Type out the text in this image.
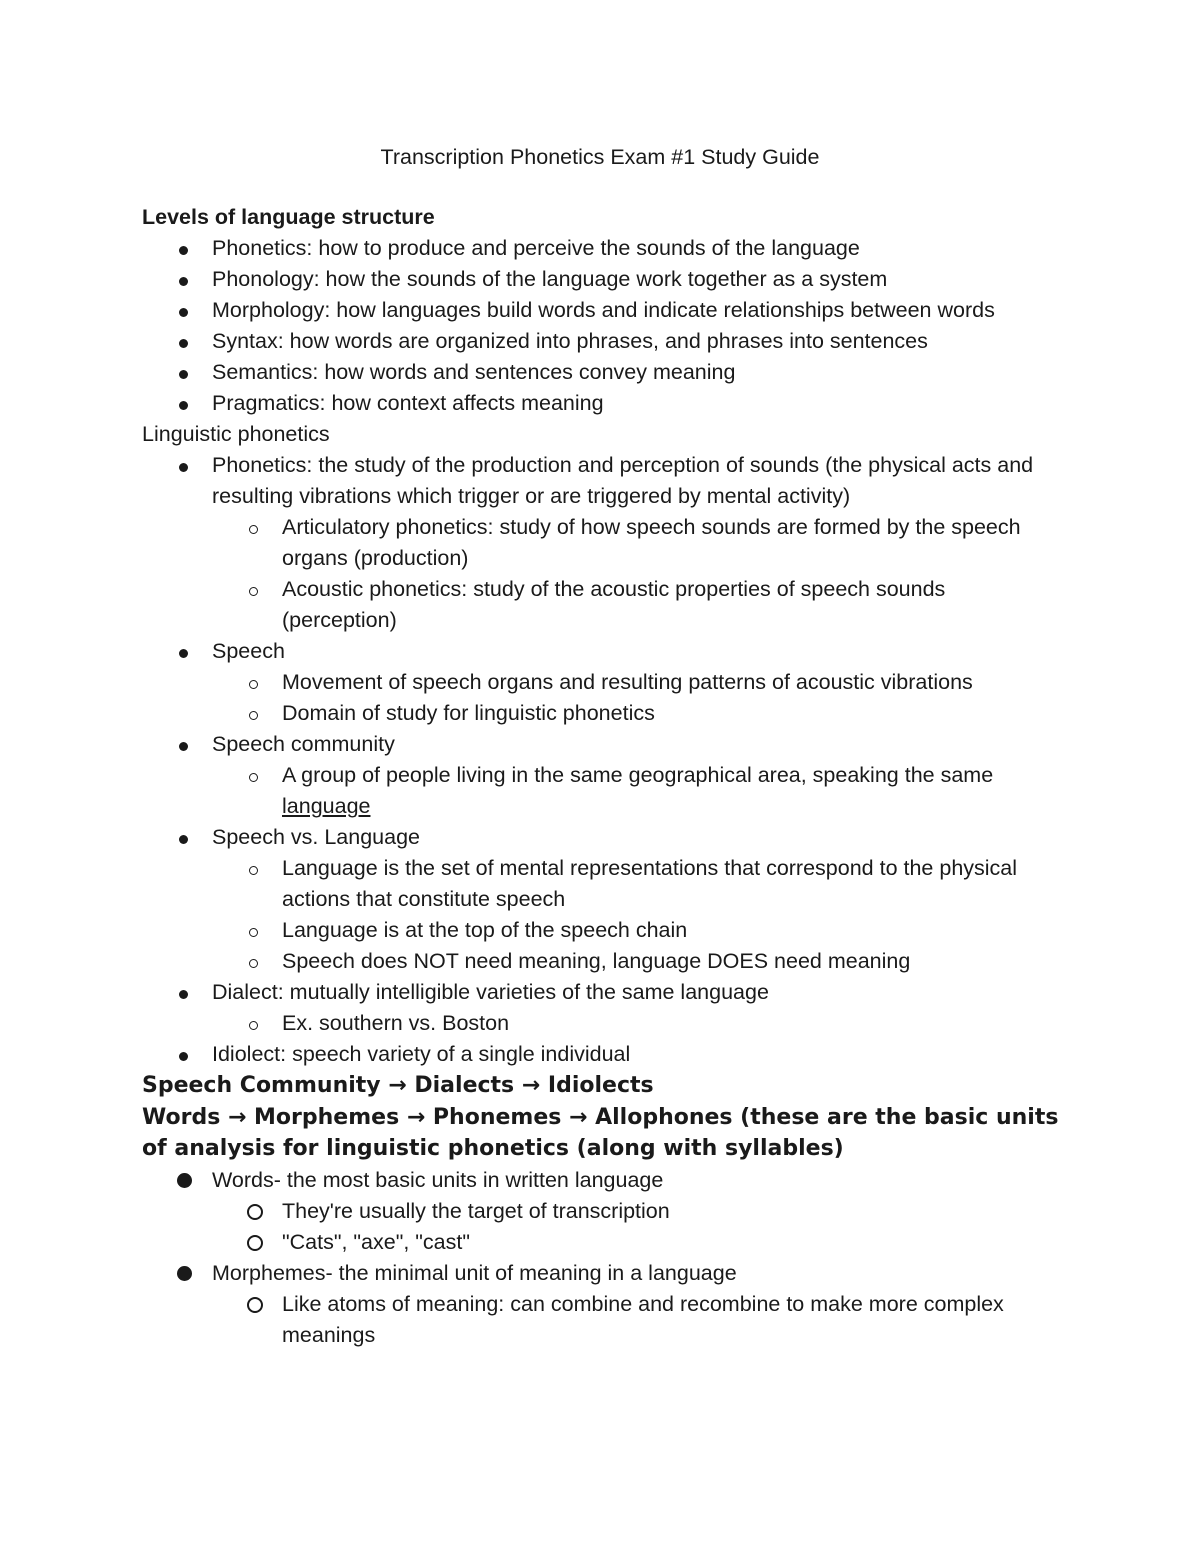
Transcription Phonetics Exam #1 Study Guide
Levels of language structure
Phonetics: how to produce and perceive the sounds of the language
Phonology: how the sounds of the language work together as a system
Morphology: how languages build words and indicate relationships between words
Syntax: how words are organized into phrases, and phrases into sentences
Semantics: how words and sentences convey meaning
Pragmatics: how context affects meaning
Linguistic phonetics
Phonetics: the study of the production and perception of sounds (the physical acts and resulting vibrations which trigger or are triggered by mental activity)
Articulatory phonetics: study of how speech sounds are formed by the speech organs (production)
Acoustic phonetics: study of the acoustic properties of speech sounds (perception)
Speech
Movement of speech organs and resulting patterns of acoustic vibrations
Domain of study for linguistic phonetics
Speech community
A group of people living in the same geographical area, speaking the same language
Speech vs. Language
Language is the set of mental representations that correspond to the physical actions that constitute speech
Language is at the top of the speech chain
Speech does NOT need meaning, language DOES need meaning
Dialect: mutually intelligible varieties of the same language
Ex. southern vs. Boston
Idiolect: speech variety of a single individual
Speech Community → Dialects → Idiolects
Words → Morphemes → Phonemes → Allophones (these are the basic units of analysis for linguistic phonetics (along with syllables)
Words- the most basic units in written language
They're usually the target of transcription
"Cats", "axe", "cast"
Morphemes- the minimal unit of meaning in a language
Like atoms of meaning: can combine and recombine to make more complex meanings
